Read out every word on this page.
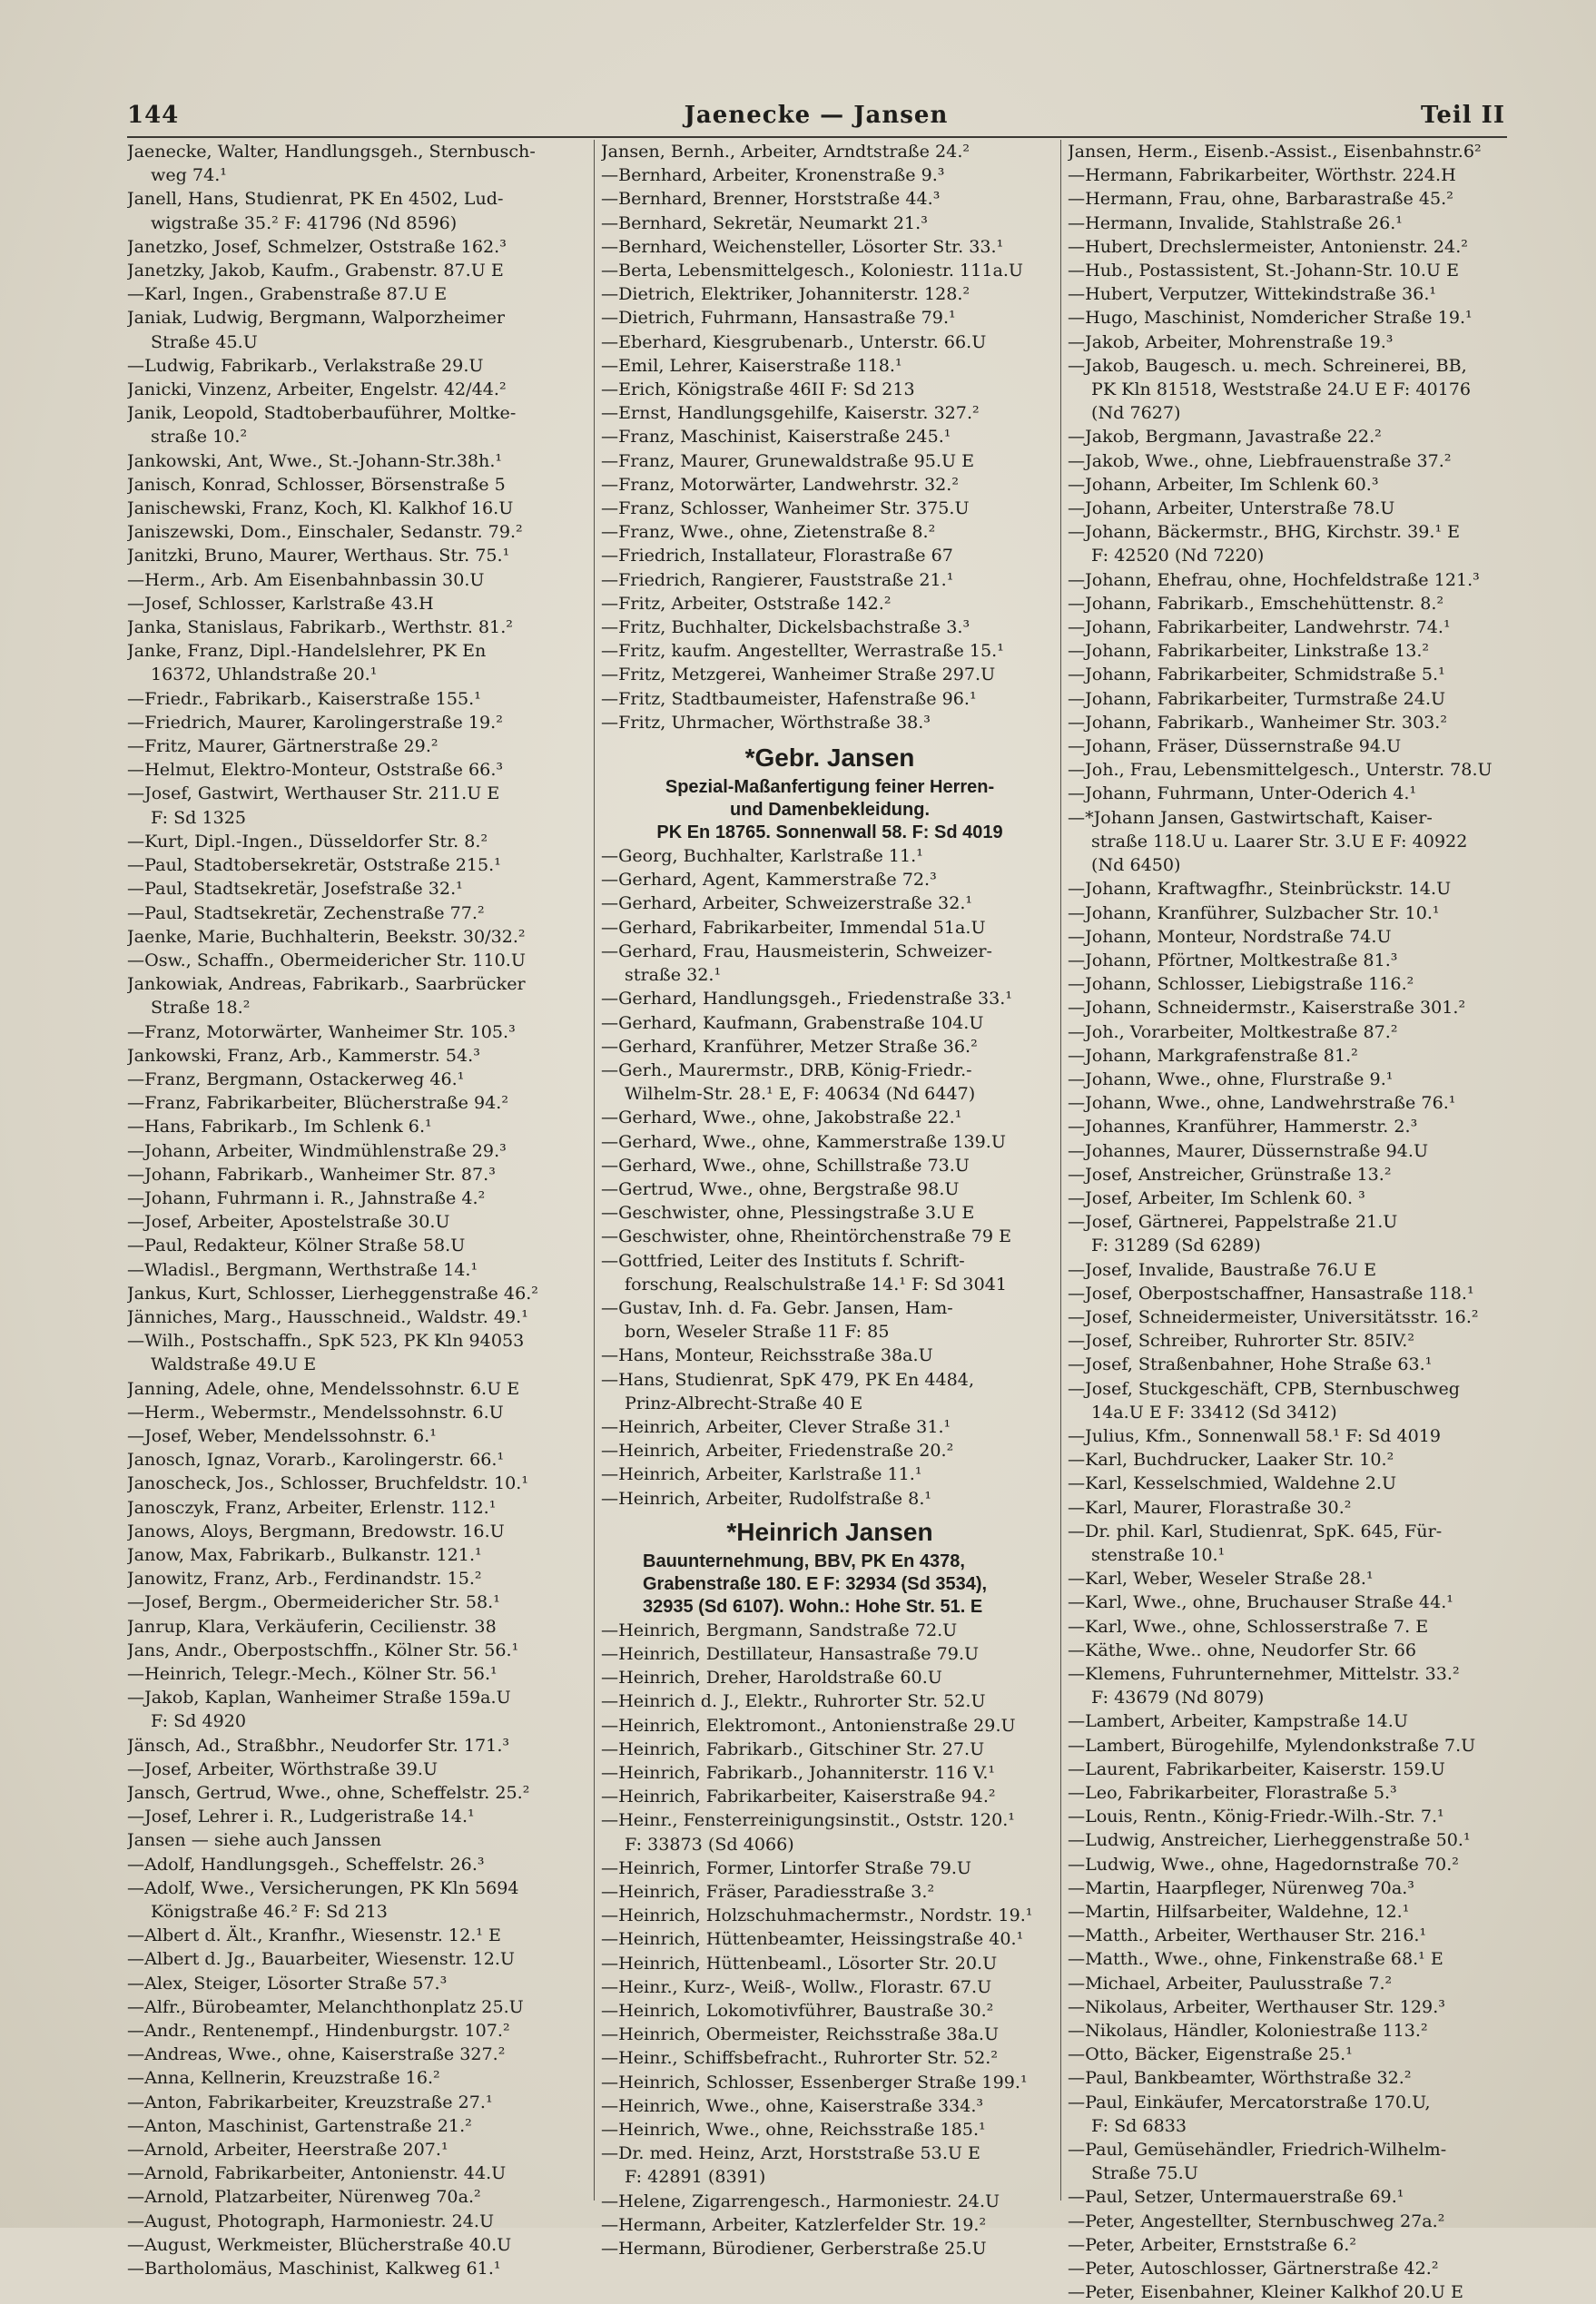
144	Jaenecke — Jansen	Teil II
Jaenecke, Walter, Handlungsgeh., Sternbusch-
weg 74.¹
Janell, Hans, Studienrat, PK En 4502, Lud-
wigstraße 35.² F: 41796 (Nd 8596)
Janetzko, Josef, Schmelzer, Oststraße 162.³
Janetzky, Jakob, Kaufm., Grabenstr. 87.U E
—Karl, Ingen., Grabenstraße 87.U E
Janiak, Ludwig, Bergmann, Walporzheimer
Straße 45.U
—Ludwig, Fabrikarb., Verlakstraße 29.U
Janicki, Vinzenz, Arbeiter, Engelstr. 42/44.²
Janik, Leopold, Stadtoberbauführer, Moltke-
straße 10.²
Jankowski, Ant, Wwe., St.-Johann-Str.38h.¹
Janisch, Konrad, Schlosser, Börsenstraße 5
Janischewski, Franz, Koch, Kl. Kalkhof 16.U
Janiszewski, Dom., Einschaler, Sedanstr. 79.²
Janitzki, Bruno, Maurer, Werthaus. Str. 75.¹
—Herm., Arb. Am Eisenbahnbassin 30.U
—Josef, Schlosser, Karlstraße 43.H
Janka, Stanislaus, Fabrikarb., Werthstr. 81.²
Janke, Franz, Dipl.-Handelslehrer, PK En
16372, Uhlandstraße 20.¹
—Friedr., Fabrikarb., Kaiserstraße 155.¹
—Friedrich, Maurer, Karolingerstraße 19.²
—Fritz, Maurer, Gärtnerstraße 29.²
—Helmut, Elektro-Monteur, Oststraße 66.³
—Josef, Gastwirt, Werthauser Str. 211.U E
F: Sd 1325
—Kurt, Dipl.-Ingen., Düsseldorfer Str. 8.²
—Paul, Stadtobersekretär, Oststraße 215.¹
—Paul, Stadtsekretär, Josefstraße 32.¹
—Paul, Stadtsekretär, Zechenstraße 77.²
Jaenke, Marie, Buchhalterin, Beekstr. 30/32.²
—Osw., Schaffn., Obermeidericher Str. 110.U
Jankowiak, Andreas, Fabrikarb., Saarbrücker
Straße 18.²
—Franz, Motorwärter, Wanheimer Str. 105.³
Jankowski, Franz, Arb., Kammerstr. 54.³
—Franz, Bergmann, Ostackerweg 46.¹
—Franz, Fabrikarbeiter, Blücherstraße 94.²
—Hans, Fabrikarb., Im Schlenk 6.¹
—Johann, Arbeiter, Windmühlenstraße 29.³
—Johann, Fabrikarb., Wanheimer Str. 87.³
—Johann, Fuhrmann i. R., Jahnstraße 4.²
—Josef, Arbeiter, Apostelstraße 30.U
—Paul, Redakteur, Kölner Straße 58.U
—Wladisl., Bergmann, Werthstraße 14.¹
Jankus, Kurt, Schlosser, Lierheggenstraße 46.²
Jänniches, Marg., Hausschneid., Waldstr. 49.¹
—Wilh., Postschaffn., SpK 523, PK Kln 94053
Waldstraße 49.U E
Janning, Adele, ohne, Mendelssohnstr. 6.U E
—Herm., Webermstr., Mendelssohnstr. 6.U
—Josef, Weber, Mendelssohnstr. 6.¹
Janosch, Ignaz, Vorarb., Karolingerstr. 66.¹
Janoscheck, Jos., Schlosser, Bruchfeldstr. 10.¹
Janosczyk, Franz, Arbeiter, Erlenstr. 112.¹
Janows, Aloys, Bergmann, Bredowstr. 16.U
Janow, Max, Fabrikarb., Bulkanstr. 121.¹
Janowitz, Franz, Arb., Ferdinandstr. 15.²
—Josef, Bergm., Obermeidericher Str. 58.¹
Janrup, Klara, Verkäuferin, Cecilienstr. 38
Jans, Andr., Oberpostschffn., Kölner Str. 56.¹
—Heinrich, Telegr.-Mech., Kölner Str. 56.¹
—Jakob, Kaplan, Wanheimer Straße 159a.U
F: Sd 4920
Jänsch, Ad., Straßbhr., Neudorfer Str. 171.³
—Josef, Arbeiter, Wörthstraße 39.U
Jansch, Gertrud, Wwe., ohne, Scheffelstr. 25.²
—Josef, Lehrer i. R., Ludgeristraße 14.¹
Jansen — siehe auch Janssen
—Adolf, Handlungsgeh., Scheffelstr. 26.³
—Adolf, Wwe., Versicherungen, PK Kln 5694
Königstraße 46.² F: Sd 213
—Albert d. Ält., Kranfhr., Wiesenstr. 12.¹ E
—Albert d. Jg., Bauarbeiter, Wiesenstr. 12.U
—Alex, Steiger, Lösorter Straße 57.³
—Alfr., Bürobeamter, Melanchthonplatz 25.U
—Andr., Rentenempf., Hindenburgstr. 107.²
—Andreas, Wwe., ohne, Kaiserstraße 327.²
—Anna, Kellnerin, Kreuzstraße 16.²
—Anton, Fabrikarbeiter, Kreuzstraße 27.¹
—Anton, Maschinist, Gartenstraße 21.²
—Arnold, Arbeiter, Heerstraße 207.¹
—Arnold, Fabrikarbeiter, Antonienstr. 44.U
—Arnold, Platzarbeiter, Nürenweg 70a.²
—August, Photograph, Harmoniestr. 24.U
—August, Werkmeister, Blücherstraße 40.U
—Bartholomäus, Maschinist, Kalkweg 61.¹
Jansen, Bernh., Arbeiter, Arndtstraße 24.²
—Bernhard, Arbeiter, Kronenstraße 9.³
—Bernhard, Brenner, Horststraße 44.³
—Bernhard, Sekretär, Neumarkt 21.³
—Bernhard, Weichensteller, Lösorter Str. 33.¹
—Berta, Lebensmittelgesch., Koloniestr. 111a.U
—Dietrich, Elektriker, Johanniterstr. 128.²
—Dietrich, Fuhrmann, Hansastraße 79.¹
—Eberhard, Kiesgrubenarb., Unterstr. 66.U
—Emil, Lehrer, Kaiserstraße 118.¹
—Erich, Königstraße 46II F: Sd 213
—Ernst, Handlungsgehilfe, Kaiserstr. 327.²
—Franz, Maschinist, Kaiserstraße 245.¹
—Franz, Maurer, Grunewaldstraße 95.U E
—Franz, Motorwärter, Landwehrstr. 32.²
—Franz, Schlosser, Wanheimer Str. 375.U
—Franz, Wwe., ohne, Zietenstraße 8.²
—Friedrich, Installateur, Florastraße 67
—Friedrich, Rangierer, Fauststraße 21.¹
—Fritz, Arbeiter, Oststraße 142.²
—Fritz, Buchhalter, Dickelsbachstraße 3.³
—Fritz, kaufm. Angestellter, Werrastraße 15.¹
—Fritz, Metzgerei, Wanheimer Straße 297.U
—Fritz, Stadtbaumeister, Hafenstraße 96.¹
—Fritz, Uhrmacher, Wörthstraße 38.³
*Gebr. Jansen
Spezial-Maßanfertigung feiner Herren-
und Damenbekleidung.
PK En 18765. Sonnenwall 58. F: Sd 4019
—Georg, Buchhalter, Karlstraße 11.¹
—Gerhard, Agent, Kammerstraße 72.³
—Gerhard, Arbeiter, Schweizerstraße 32.¹
—Gerhard, Fabrikarbeiter, Immendal 51a.U
—Gerhard, Frau, Hausmeisterin, Schweizer-
straße 32.¹
—Gerhard, Handlungsgeh., Friedenstraße 33.¹
—Gerhard, Kaufmann, Grabenstraße 104.U
—Gerhard, Kranführer, Metzer Straße 36.²
—Gerh., Maurermstr., DRB, König-Friedr.-
Wilhelm-Str. 28.¹ E, F: 40634 (Nd 6447)
—Gerhard, Wwe., ohne, Jakobstraße 22.¹
—Gerhard, Wwe., ohne, Kammerstraße 139.U
—Gerhard, Wwe., ohne, Schillstraße 73.U
—Gertrud, Wwe., ohne, Bergstraße 98.U
—Geschwister, ohne, Plessingstraße 3.U E
—Geschwister, ohne, Rheintörchenstraße 79 E
—Gottfried, Leiter des Instituts f. Schrift-
forschung, Realschulstraße 14.¹ F: Sd 3041
—Gustav, Inh. d. Fa. Gebr. Jansen, Ham-
born, Weseler Straße 11 F: 85
—Hans, Monteur, Reichsstraße 38a.U
—Hans, Studienrat, SpK 479, PK En 4484,
Prinz-Albrecht-Straße 40 E
—Heinrich, Arbeiter, Clever Straße 31.¹
—Heinrich, Arbeiter, Friedenstraße 20.²
—Heinrich, Arbeiter, Karlstraße 11.¹
—Heinrich, Arbeiter, Rudolfstraße 8.¹
*Heinrich Jansen
Bauunternehmung, BBV, PK En 4378,
Grabenstraße 180. E F: 32934 (Sd 3534),
32935 (Sd 6107). Wohn.: Hohe Str. 51. E
—Heinrich, Bergmann, Sandstraße 72.U
—Heinrich, Destillateur, Hansastraße 79.U
—Heinrich, Dreher, Haroldstraße 60.U
—Heinrich d. J., Elektr., Ruhrorter Str. 52.U
—Heinrich, Elektromont., Antonienstraße 29.U
—Heinrich, Fabrikarb., Gitschiner Str. 27.U
—Heinrich, Fabrikarb., Johanniterstr. 116 V.¹
—Heinrich, Fabrikarbeiter, Kaiserstraße 94.²
—Heinr., Fensterreinigungsinstit., Oststr. 120.¹
F: 33873 (Sd 4066)
—Heinrich, Former, Lintorfer Straße 79.U
—Heinrich, Fräser, Paradiesstraße 3.²
—Heinrich, Holzschuhmachermstr., Nordstr. 19.¹
—Heinrich, Hüttenbeamter, Heissingstraße 40.¹
—Heinrich, Hüttenbeaml., Lösorter Str. 20.U
—Heinr., Kurz-, Weiß-, Wollw., Florastr. 67.U
—Heinrich, Lokomotivführer, Baustraße 30.²
—Heinrich, Obermeister, Reichsstraße 38a.U
—Heinr., Schiffsbefracht., Ruhrorter Str. 52.²
—Heinrich, Schlosser, Essenberger Straße 199.¹
—Heinrich, Wwe., ohne, Kaiserstraße 334.³
—Heinrich, Wwe., ohne, Reichsstraße 185.¹
—Dr. med. Heinz, Arzt, Horststraße 53.U E
F: 42891 (8391)
—Helene, Zigarrengesch., Harmoniestr. 24.U
—Hermann, Arbeiter, Katzlerfelder Str. 19.²
—Hermann, Bürodiener, Gerberstraße 25.U
Jansen, Herm., Eisenb.-Assist., Eisenbahnstr.6²
—Hermann, Fabrikarbeiter, Wörthstr. 224.H
—Hermann, Frau, ohne, Barbarastraße 45.²
—Hermann, Invalide, Stahlstraße 26.¹
—Hubert, Drechslermeister, Antonienstr. 24.²
—Hub., Postassistent, St.-Johann-Str. 10.U E
—Hubert, Verputzer, Wittekindstraße 36.¹
—Hugo, Maschinist, Nomdericher Straße 19.¹
—Jakob, Arbeiter, Mohrenstraße 19.³
—Jakob, Baugesch. u. mech. Schreinerei, BB,
PK Kln 81518, Weststraße 24.U E F: 40176
(Nd 7627)
—Jakob, Bergmann, Javastraße 22.²
—Jakob, Wwe., ohne, Liebfrauenstraße 37.²
—Johann, Arbeiter, Im Schlenk 60.³
—Johann, Arbeiter, Unterstraße 78.U
—Johann, Bäckermstr., BHG, Kirchstr. 39.¹ E
F: 42520 (Nd 7220)
—Johann, Ehefrau, ohne, Hochfeldstraße 121.³
—Johann, Fabrikarb., Emschehüttenstr. 8.²
—Johann, Fabrikarbeiter, Landwehrstr. 74.¹
—Johann, Fabrikarbeiter, Linkstraße 13.²
—Johann, Fabrikarbeiter, Schmidstraße 5.¹
—Johann, Fabrikarbeiter, Turmstraße 24.U
—Johann, Fabrikarb., Wanheimer Str. 303.²
—Johann, Fräser, Düssernstraße 94.U
—Joh., Frau, Lebensmittelgesch., Unterstr. 78.U
—Johann, Fuhrmann, Unter-Oderich 4.¹
—*Johann Jansen, Gastwirtschaft, Kaiser-
straße 118.U u. Laarer Str. 3.U E F: 40922
(Nd 6450)
—Johann, Kraftwagfhr., Steinbrückstr. 14.U
—Johann, Kranführer, Sulzbacher Str. 10.¹
—Johann, Monteur, Nordstraße 74.U
—Johann, Pförtner, Moltkestraße 81.³
—Johann, Schlosser, Liebigstraße 116.²
—Johann, Schneidermstr., Kaiserstraße 301.²
—Joh., Vorarbeiter, Moltkestraße 87.²
—Johann, Markgrafenstraße 81.²
—Johann, Wwe., ohne, Flurstraße 9.¹
—Johann, Wwe., ohne, Landwehrstraße 76.¹
—Johannes, Kranführer, Hammerstr. 2.³
—Johannes, Maurer, Düssernstraße 94.U
—Josef, Anstreicher, Grünstraße 13.²
—Josef, Arbeiter, Im Schlenk 60. ³
—Josef, Gärtnerei, Pappelstraße 21.U
F: 31289 (Sd 6289)
—Josef, Invalide, Baustraße 76.U E
—Josef, Oberpostschaffner, Hansastraße 118.¹
—Josef, Schneidermeister, Universitätsstr. 16.²
—Josef, Schreiber, Ruhrorter Str. 85IV.²
—Josef, Straßenbahner, Hohe Straße 63.¹
—Josef, Stuckgeschäft, CPB, Sternbuschweg
14a.U E F: 33412 (Sd 3412)
—Julius, Kfm., Sonnenwall 58.¹ F: Sd 4019
—Karl, Buchdrucker, Laaker Str. 10.²
—Karl, Kesselschmied, Waldehne 2.U
—Karl, Maurer, Florastraße 30.²
—Dr. phil. Karl, Studienrat, SpK. 645, Für-
stenstraße 10.¹
—Karl, Weber, Weseler Straße 28.¹
—Karl, Wwe., ohne, Bruchauser Straße 44.¹
—Karl, Wwe., ohne, Schlosserstraße 7. E
—Käthe, Wwe.. ohne, Neudorfer Str. 66
—Klemens, Fuhrunternehmer, Mittelstr. 33.²
F: 43679 (Nd 8079)
—Lambert, Arbeiter, Kampstraße 14.U
—Lambert, Bürogehilfe, Mylendonkstraße 7.U
—Laurent, Fabrikarbeiter, Kaiserstr. 159.U
—Leo, Fabrikarbeiter, Florastraße 5.³
—Louis, Rentn., König-Friedr.-Wilh.-Str. 7.¹
—Ludwig, Anstreicher, Lierheggenstraße 50.¹
—Ludwig, Wwe., ohne, Hagedornstraße 70.²
—Martin, Haarpfleger, Nürenweg 70a.³
—Martin, Hilfsarbeiter, Waldehne, 12.¹
—Matth., Arbeiter, Werthauser Str. 216.¹
—Matth., Wwe., ohne, Finkenstraße 68.¹ E
—Michael, Arbeiter, Paulusstraße 7.²
—Nikolaus, Arbeiter, Werthauser Str. 129.³
—Nikolaus, Händler, Koloniestraße 113.²
—Otto, Bäcker, Eigenstraße 25.¹
—Paul, Bankbeamter, Wörthstraße 32.²
—Paul, Einkäufer, Mercatorstraße 170.U,
F: Sd 6833
—Paul, Gemüsehändler, Friedrich-Wilhelm-
Straße 75.U
—Paul, Setzer, Untermauerstraße 69.¹
—Peter, Angestellter, Sternbuschweg 27a.²
—Peter, Arbeiter, Ernststraße 6.²
—Peter, Autoschlosser, Gärtnerstraße 42.²
—Peter, Eisenbahner, Kleiner Kalkhof 20.U E
